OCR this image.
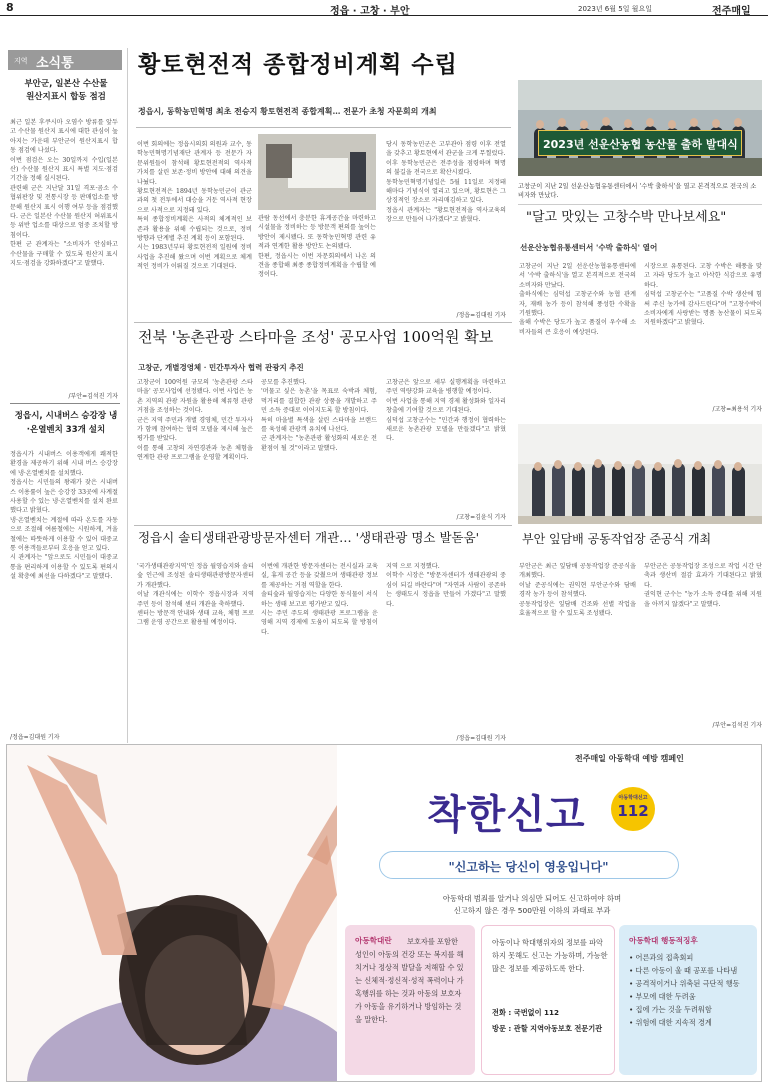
8	정읍 · 고창 · 부안	2023년 6월 5일 월요일	전주매일
지역 소식통
부안군, 일본산 수산물 원산지표시 합동 점검
최근 일본 후쿠시마 오염수 방류를 앞두고 수산물 원산지 표시에 대한 관심이 높아지는 가운데 부안군이 원산지표시 합동 점검에 나섰다.
이번 점검은 오는 30일까지 수입(일본산) 수산물 원산지 표시 특별 지도·점검 기간을 정해 실시된다.
관련해 군은 지난달 31일 격포·곰소 수협위판장 및 전통시장 등 판매업소를 방문해 원산지 표시 이행 여부 등을 점검했다. 군은 일본산 수산물 원산지 허위표시 등 위반 업소를 대상으로 엄중 조치할 방침이다.
한편 군 관계자는 "소비자가 안심하고 수산물을 구매할 수 있도록 원산지 표시 지도·점검을 강화하겠다"고 말했다.
/부안=김석진 기자
정읍시, 시내버스 승강장 냉·온열벤치 33개 설치
정읍시가 시내버스 이용객에게 쾌적한 환경을 제공하기 위해 시내 버스 승강장에 냉·온열벤치를 설치했다.
정읍시는 시민들의 왕래가 잦은 시내버스 이용률이 높은 승강장 33곳에 사계절 사용할 수 있는 냉·온열벤치를 설치 완료했다고 밝혔다.
냉·온열벤치는 계절에 따라 온도를 자동으로 조절해 여름철에는 시원하게, 겨울철에는 따뜻하게 이용할 수 있어 대중교통 이용객들로부터 호응을 얻고 있다.
시 관계자는 "앞으로도 시민들이 대중교통을 편리하게 이용할 수 있도록 편의시설 확충에 최선을 다하겠다"고 말했다.
/정읍=김대원 기자
황토현전적 종합정비계획 수립
정읍시, 동학농민혁명 최초 전승지 황토현전적 종합계획… 전문가 초청 자문회의 개최
이번 회의에는 정읍시의회 의원과 교수, 동학농민혁명기념재단 관계자 등 전문가 자문위원들이 참석해 황토현전적의 역사적 가치를 살린 보존·정비 방안에 대해 의견을 나눴다.
황토현전적은 1894년 동학농민군이 관군과의 첫 전투에서 대승을 거둔 역사적 현장으로 사적으로 지정돼 있다.
특히 종합정비계획은 사적의 체계적인 보존과 활용을 위해 수립되는 것으로, 정비 방향과 단계별 추진 계획 등이 포함된다.
시는 1983년부터 황토현전적 일원에 정비사업을 추진해 왔으며 이번 계획으로 체계적인 정비가 이뤄질 것으로 기대된다.
관람 동선에서 충분한 휴게공간을 마련하고 시설물을 정비하는 등 방문객 편의를 높이는 방안이 제시됐다. 또 동학농민혁명 관련 유적과 연계한 활용 방안도 논의됐다.
한편, 정읍시는 이번 자문회의에서 나온 의견을 종합해 최종 종합정비계획을 수립할 예정이다.
당시 동학농민군은 고부관아 점령 이후 전열을 갖추고 황토현에서 관군을 크게 무찔렀다.
이후 동학농민군은 전주성을 점령하며 혁명의 불길을 전국으로 확산시켰다.
동학농민혁명기념일은 5월 11일로 지정돼 해마다 기념식이 열리고 있으며, 황토현은 그 상징적인 장소로 자리매김하고 있다.
정읍시 관계자는 "황토현전적을 역사교육의 장으로 만들어 나가겠다"고 밝혔다.
/정읍=김대원 기자
전북 '농촌관광 스타마을 조성' 공모사업 100억원 확보
고창군, 개별경영체 · 민간투자사 협력 관광지 추진
고창군이 100억원 규모의 '농촌관광 스타마을' 공모사업에 선정됐다. 이번 사업은 농촌 지역의 관광 자원을 활용해 체류형 관광 거점을 조성하는 것이다.
군은 지역 주민과 개별 경영체, 민간 투자사가 함께 참여하는 협력 모델을 제시해 높은 평가를 받았다.
이를 통해 고창의 자연경관과 농촌 체험을 연계한 관광 프로그램을 운영할 계획이다.
공모를 추진했다.
'머물고 싶은 농촌'을 목표로 숙박과 체험, 먹거리를 결합한 관광 상품을 개발하고 주민 소득 증대로 이어지도록 할 방침이다.
특히 마을별 특색을 살린 스타마을 브랜드를 육성해 관광객 유치에 나선다.
군 관계자는 "농촌관광 활성화의 새로운 전환점이 될 것"이라고 말했다.
고창군은 앞으로 세부 실행계획을 마련하고 주민 역량강화 교육을 병행할 예정이다.
이번 사업을 통해 지역 경제 활성화와 일자리 창출에 기여할 것으로 기대된다.
심덕섭 고창군수는 "민간과 행정이 협력하는 새로운 농촌관광 모델을 만들겠다"고 밝혔다.
/고창=김윤식 기자
정읍시 솔티생태관광방문자센터 개관… '생태관광 명소 발돋움'
'국가생태관광지역'인 정읍 월영습지와 솔티숲 인근에 조성된 솔티생태관광방문자센터가 개관했다.
이날 개관식에는 이학수 정읍시장과 지역 주민 등이 참석해 센터 개관을 축하했다.
센터는 방문객 안내와 생태 교육, 체험 프로그램 운영 공간으로 활용될 예정이다.
이번에 개관한 방문자센터는 전시실과 교육실, 휴게 공간 등을 갖췄으며 생태관광 정보를 제공하는 거점 역할을 한다.
솔티숲과 월영습지는 다양한 동식물이 서식하는 생태 보고로 평가받고 있다.
시는 주민 주도의 생태관광 프로그램을 운영해 지역 경제에 도움이 되도록 할 방침이다.
지역 으로 지정했다.
이학수 시장은 "방문자센터가 생태관광의 중심이 되길 바란다"며 "자연과 사람이 공존하는 생태도시 정읍을 만들어 가겠다"고 말했다.
/정읍=김대원 기자
2023년 선운산농협 농산물 출하 발대식
고창군이 지난 2일 선운산농협유통센터에서 '수박 출하식'을 열고 본격적으로 전국의 소비자와 만났다.
"달고 맛있는 고창수박 만나보세요"
선운산농협유통센터서 '수박 출하식' 열어
고창군이 지난 2일 선운산농협유통센터에서 '수박 출하식'을 열고 본격적으로 전국의 소비자와 만났다.
출하식에는 심덕섭 고창군수와 농협 관계자, 재배 농가 등이 참석해 풍성한 수확을 기원했다.
올해 수박은 당도가 높고 품질이 우수해 소비자들의 큰 호응이 예상된다.
시장으로 유통된다. 고창 수박은 해풍을 맞고 자라 당도가 높고 아삭한 식감으로 유명하다.
심덕섭 고창군수는 "고품질 수박 생산에 힘써 주신 농가에 감사드린다"며 "고창수박이 소비자에게 사랑받는 명품 농산물이 되도록 지원하겠다"고 밝혔다.
/고창=최용석 기자
부안 잎담배 공동작업장 준공식 개최
부안군은 최근 잎담배 공동작업장 준공식을 개최했다.
이날 준공식에는 권익현 부안군수와 담배 경작 농가 등이 참석했다.
공동작업장은 잎담배 건조와 선별 작업을 효율적으로 할 수 있도록 조성됐다.
부안군은 공동작업장 조성으로 작업 시간 단축과 생산비 절감 효과가 기대된다고 밝혔다.
권익현 군수는 "농가 소득 증대를 위해 지원을 아끼지 않겠다"고 말했다.
/부안=김석진 기자
전주매일 아동학대 예방 캠페인
착한신고	아동학대신고
112
"신고하는 당신이 영웅입니다"
아동학대 범죄를 알거나 의심만 되어도 신고하여야 하며
신고하지 않은 경우 500만원 이하의 과태료 부과
아동학대란	보호자를 포함한 성인이 아동의 건강 또는 복지를 해치거나 정상적 발달을 저해할 수 있는 신체적·정신적·성적 폭력이나 가혹행위를 하는 것과 아동의 보호자가 아동을 유기하거나 방임하는 것을 말한다.
아동이나 학대행위자의 정보를 파악하지 못해도 신고는 가능하며, 가능한 많은 정보를 제공하도록 한다.
전화 : 국번없이 112
방문 : 관할 지역아동보호 전문기관
아동학대 행동적징후
• 어른과의 접촉회피
• 다른 아동이 울 때 공포를 나타냄
• 공격적이거나 위축된 극단적 행동
• 부모에 대한 두려움
• 집에 가는 것을 두려워함
• 위험에 대한 지속적 경계
